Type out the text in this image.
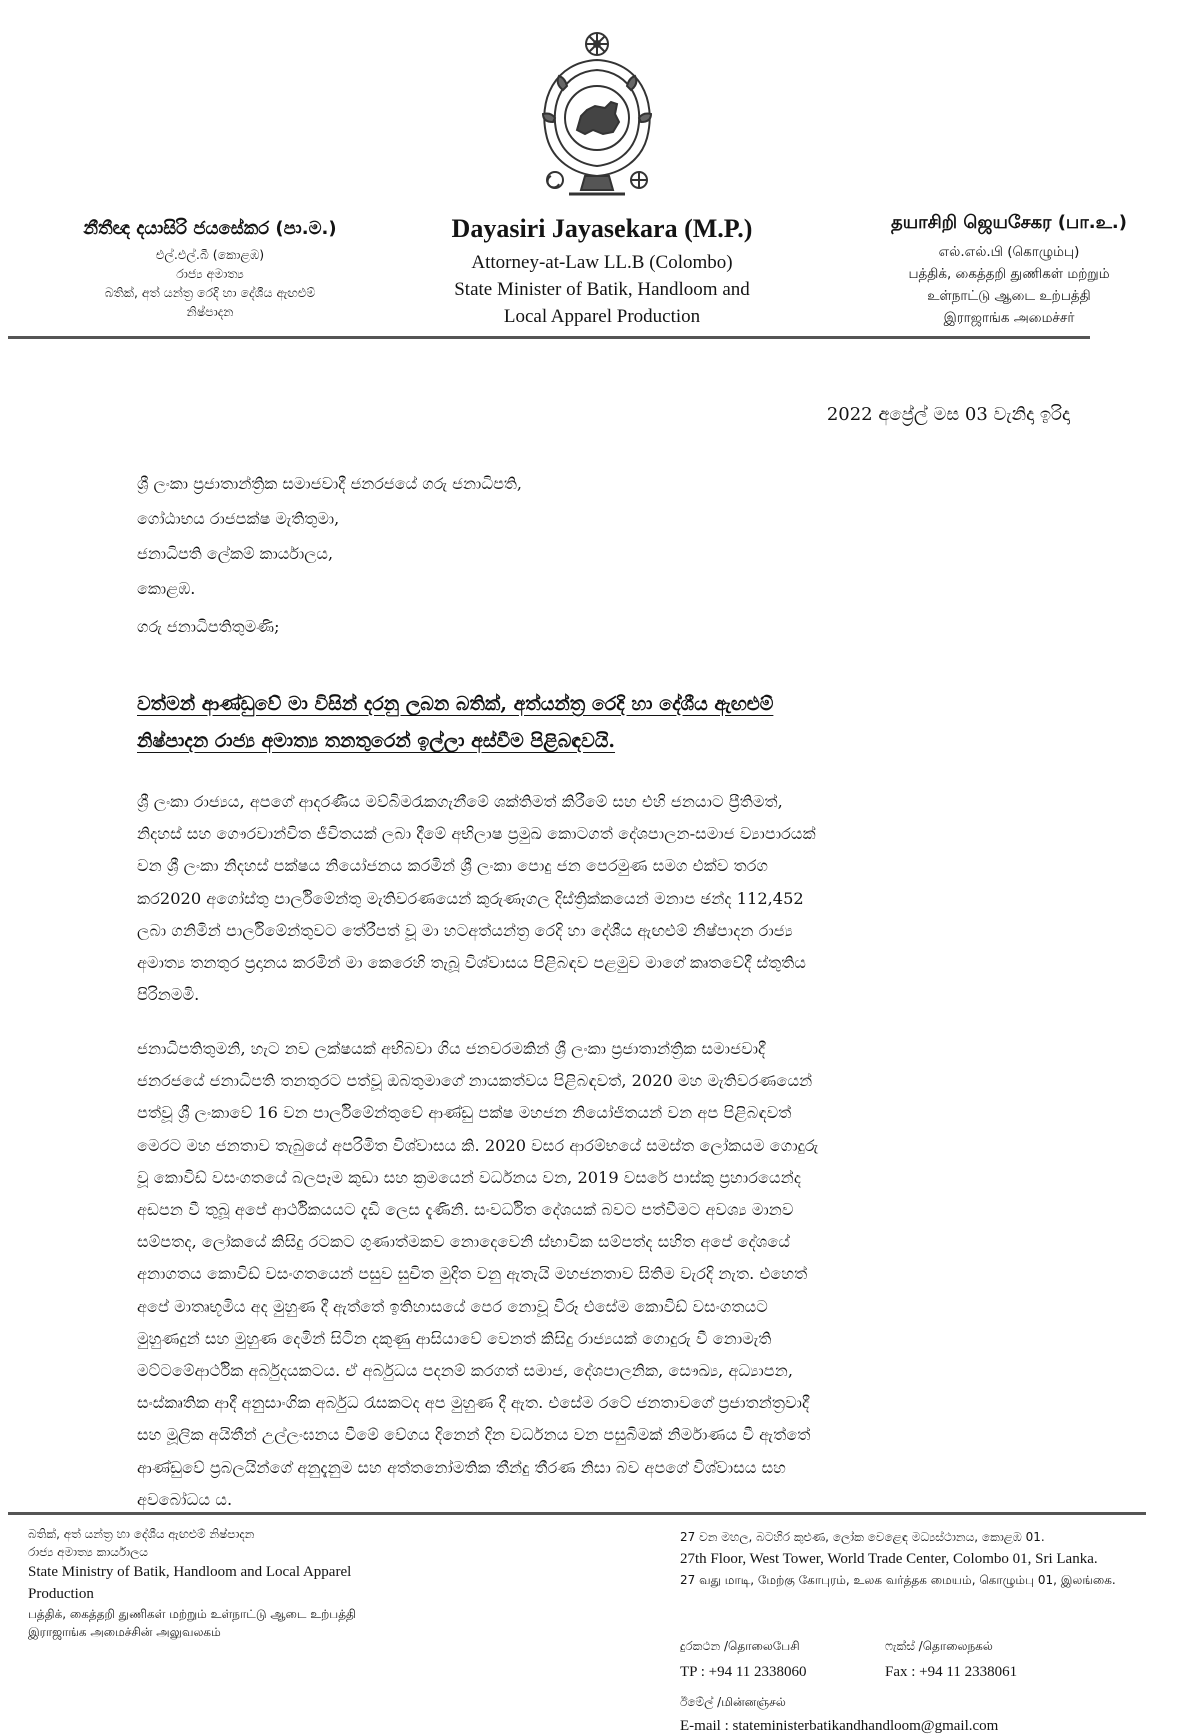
නීතීඥ දයාසිරි ජයසේකර (පා.ම.)
එල්.එල්.බී (කොළඹ)
රාජ්‍ය අමාත්‍ය
බතික්, අත් යන්ත්‍ර රෙදි හා දේශීය ඇඟළුම්
නිෂ්පාදන
Dayasiri Jayasekara (M.P.)
Attorney-at-Law LL.B (Colombo)
State Minister of Batik, Handloom and
Local Apparel Production
தயாசிறி ஜெயசேகர (பா.உ.)
எல்.எல்.பி (கொழும்பு)
பத்திக், கைத்தறி துணிகள் மற்றும்
உள்நாட்டு ஆடை உற்பத்தி
இராஜாங்க அமைச்சர்
2022 අප්‍රේල් මස 03 වැනිදා ඉරිදා
ශ්‍රී ලංකා ප්‍රජාතාන්ත්‍රික සමාජවාදී ජනරජයේ ගරු ජනාධිපති,
ගෝඨාභය රාජපක්ෂ මැතිතුමා,
ජනාධිපති ලේකම් කාර්යාලය,
කොළඹ.
ගරු ජනාධිපතිතුමණි;
වත්මන් ආණ්ඩුවේ මා විසින් දරනු ලබන බතික්, අත්යන්ත්‍ර රෙදි හා දේශීය ඇඟළුම්
නිෂ්පාදන රාජ්‍ය අමාත්‍ය තනතුරෙන් ඉල්ලා අස්වීම පිළිබඳවයි.
ශ්‍රී ලංකා රාජ්‍යය, අපගේ ආදරණීය මව්බිමරැකගැනීමේ ශක්තිමත් කිරීමේ සහ එහි ජනයාට ප්‍රීතිමත්,
නිදහස් සහ ගෞරවාන්විත ජීවිතයක් ලබා දීමේ අභිලාෂ ප්‍රමුඛ කොටගත් දේශපාලන-සමාජ ව්‍යාපාරයක්
වන ශ්‍රී ලංකා නිදහස් පක්ෂය නියෝජනය කරමින් ශ්‍රී ලංකා පොදු ජන පෙරමුණ සමග එක්ව තරග
කර2020 අගෝස්තු පාර්ලිමේන්තු මැතිවරණයෙන් කුරුණෑගල දිස්ත්‍රික්කයෙන් මනාප ඡන්ද 112,452
ලබා ගනිමින් පාර්ලිමේන්තුවට තේරීපත් වූ මා හටඅත්යන්ත්‍ර රෙදි හා දේශීය ඇඟළුම් නිෂ්පාදන රාජ්‍ය
අමාත්‍ය තනතුර ප්‍රදානය කරමින් මා කෙරෙහි තැබූ විශ්වාසය පිළිබඳව පළමුව මාගේ කෘතවේදී ස්තුතිය
පිරිනමමි.
ජනාධිපතිතුමනි, හැට නව ලක්ෂයක් අභිබවා ගිය ජනවරමකින් ශ්‍රී ලංකා ප්‍රජාතාන්ත්‍රික සමාජවාදී
ජනරජයේ ජනාධිපති තනතුරට පත්වූ ඔබතුමාගේ නායකත්වය පිළිබඳවත්, 2020 මහ මැතිවරණයෙන්
පත්වූ ශ්‍රී ලංකාවේ 16 වන පාර්ලිමේන්තුවේ ආණ්ඩු පක්ෂ මහජන නියෝජිතයන් වන අප පිළිබඳවත්
මෙරට මහ ජනතාව තැබුයේ අපරිමිත විශ්වාසය කි. 2020 වසර ආරම්භයේ සමස්ත ලෝකයම ගොදුරු
වූ කොවිඩ් වසංගතයේ බලපෑම කුඩා සහ ක්‍රමයෙන් වර්ධනය වන, 2019 වසරේ පාස්කු ප්‍රහාරයෙන්ද
අඩපන වී තුබූ අපේ ආර්ථිකයයට දැඩි ලෙස දැණිනි. සංවර්ධිත දේශයක් බවට පත්වීමට අවශ්‍ය මානව
සම්පතද, ලෝකයේ කිසිදු රටකට ගුණාත්මකව නොදෙවෙනි ස්භාවික සම්පත්ද සහිත අපේ දේශයේ
අනාගතය කොවිඩ් වසංගතයෙන් පසුව සුචිත මුදිත වනු ඇතැයි මහජනතාව සිතිම වැරදි නැත. එහෙත්
අපේ මාතෘභූමිය අද මුහුණ දී ඇත්තේ ඉතිහාසයේ පෙර නොවූ විරූ එසේම කොවිඩ් වසංගතයට
මුහුණදුන් සහ මුහුණ දෙමින් සිටින දකුණු ආසියාවේ වෙනත් කිසිදු රාජ්‍යයක් ගොදුරු වී නොමැති
මට්ටමේආර්ථික අර්බුදයකටය. ඒ අර්බුධය පදනම් කරගත් සමාජ, දේශපාලනික, සෞඛ්‍ය, අධ්‍යාපන,
සංස්කෘතික ආදී අනුසාංගික අර්බුධ රැසකටද අප මුහුණ දී ඇත. එසේම රටේ ජනතාවගේ ප්‍රජාතන්ත්‍රවාදී
සහ මූලික අයිතීන් උල්ලංඝනය වීමේ වේගය දිනෙන් දින වර්ධනය වන පසුබිමක් නිර්මාණය වී ඇත්තේ
ආණ්ඩුවේ ප්‍රබලයින්ගේ අනුදැනුම සහ අත්තනෝමතික තීන්දු තීරණ නිසා බව අපගේ විශ්වාසය සහ
අවබෝධය ය.
බතික්, අත් යන්ත්‍ර හා දේශීය ඇඟළුම් නිෂ්පාදන
රාජ්‍ය අමාත්‍ය කාර්යාලය
State Ministry of Batik, Handloom and Local Apparel
Production
பத்திக், கைத்தறி துணிகள் மற்றும் உள்நாட்டு ஆடை உற்பத்தி
இராஜாங்க அமைச்சின் அலுவலகம்
27 වන මහල, බටහිර කුළුණ, ලෝක වෙළෙඳ මධ්‍යස්ථානය, කොළඹ 01.
27th Floor, West Tower, World Trade Center, Colombo 01, Sri Lanka.
27 வது மாடி, மேற்கு கோபுரம், உலக வர்த்தக மையம், கொழும்பு 01, இலங்கை.
දුරකථන /தொலைபேசி	ෆැක්ස් /தொலைநகல்
TP : +94 11 2338060	Fax : +94 11 2338061
ඊමේල් /மின்னஞ்சல்
E-mail : stateministerbatikandhandloom@gmail.com
